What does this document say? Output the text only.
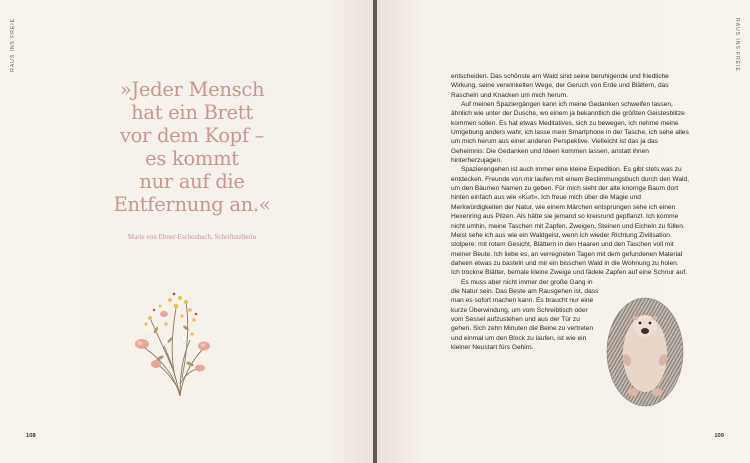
RAUS INS FREIE
»Jeder Mensch
hat ein Brett
vor dem Kopf –
es kommt
nur auf die
Entfernung an.«
Marie von Ebner-Eschenbach, Schriftstellerin
108
RAUS INS FREIE

entscheiden. Das schönste am Wald sind seine beruhigende und friedliche Wirkung, seine verwinkelten Wege, der Geruch von Erde und Blättern, das Rascheln und Knacken um mich herum.

Auf meinen Spaziergängen kann ich meine Gedanken schweifen lassen, ähnlich wie unter der Dusche, wo einem ja bekanntlich die größten Geistesblitze kommen sollen. Es hat etwas Meditatives, sich zu bewegen, ich nehme meine Umgebung anders wahr, ich lasse mein Smartphone in der Tasche, ich sehe alles um mich herum aus einer anderen Perspektive. Vielleicht ist das ja das Geheimnis: Die Gedanken und Ideen kommen lassen, anstatt ihnen hinterherzujagen.

Spazierengehen ist auch immer eine kleine Expedition. Es gibt stets was zu entdecken. Freunde von mir laufen mit einem Bestimmungsbuch durch den Wald, um den Bäumen Namen zu geben. Für mich sieht der alte knorrige Baum dort hinten einfach aus wie »Kurt«. Ich freue mich über die Magie und Merkwürdigkeiten der Natur, wie einem Märchen entsprungen sehe ich einen Hexenring aus Pilzen. Als hätte sie jemand so kreisrund gepflanzt. Ich komme nicht umhin, meine Taschen mit Zapfen, Zweigen, Steinen und Eicheln zu füllen. Meist sehe ich aus wie ein Waldgeist, wenn ich wieder Richtung Zivilisation stolpere: mit rotem Gesicht, Blättern in den Haaren und den Taschen voll mit meiner Beute. Ich liebe es, an verregneten Tagen mit dem gefundenen Material daheim etwas zu basteln und mir ein bisschen Wald in die Wohnung zu holen. Ich trockne Blätter, bemale kleine Zweige und fädele Zapfen auf eine Schnur auf.

Es muss aber nicht immer der große Gang in die Natur sein. Das Beste am Rausgehen ist, dass man es sofort machen kann. Es braucht nur eine kurze Überwindung, um vom Schreibtisch oder vom Sessel aufzustehen und aus der Tür zu gehen. Sich zehn Minuten die Beine zu vertreten und einmal um den Block zu laufen, ist wie ein kleiner Neustart fürs Gehirn.

109
